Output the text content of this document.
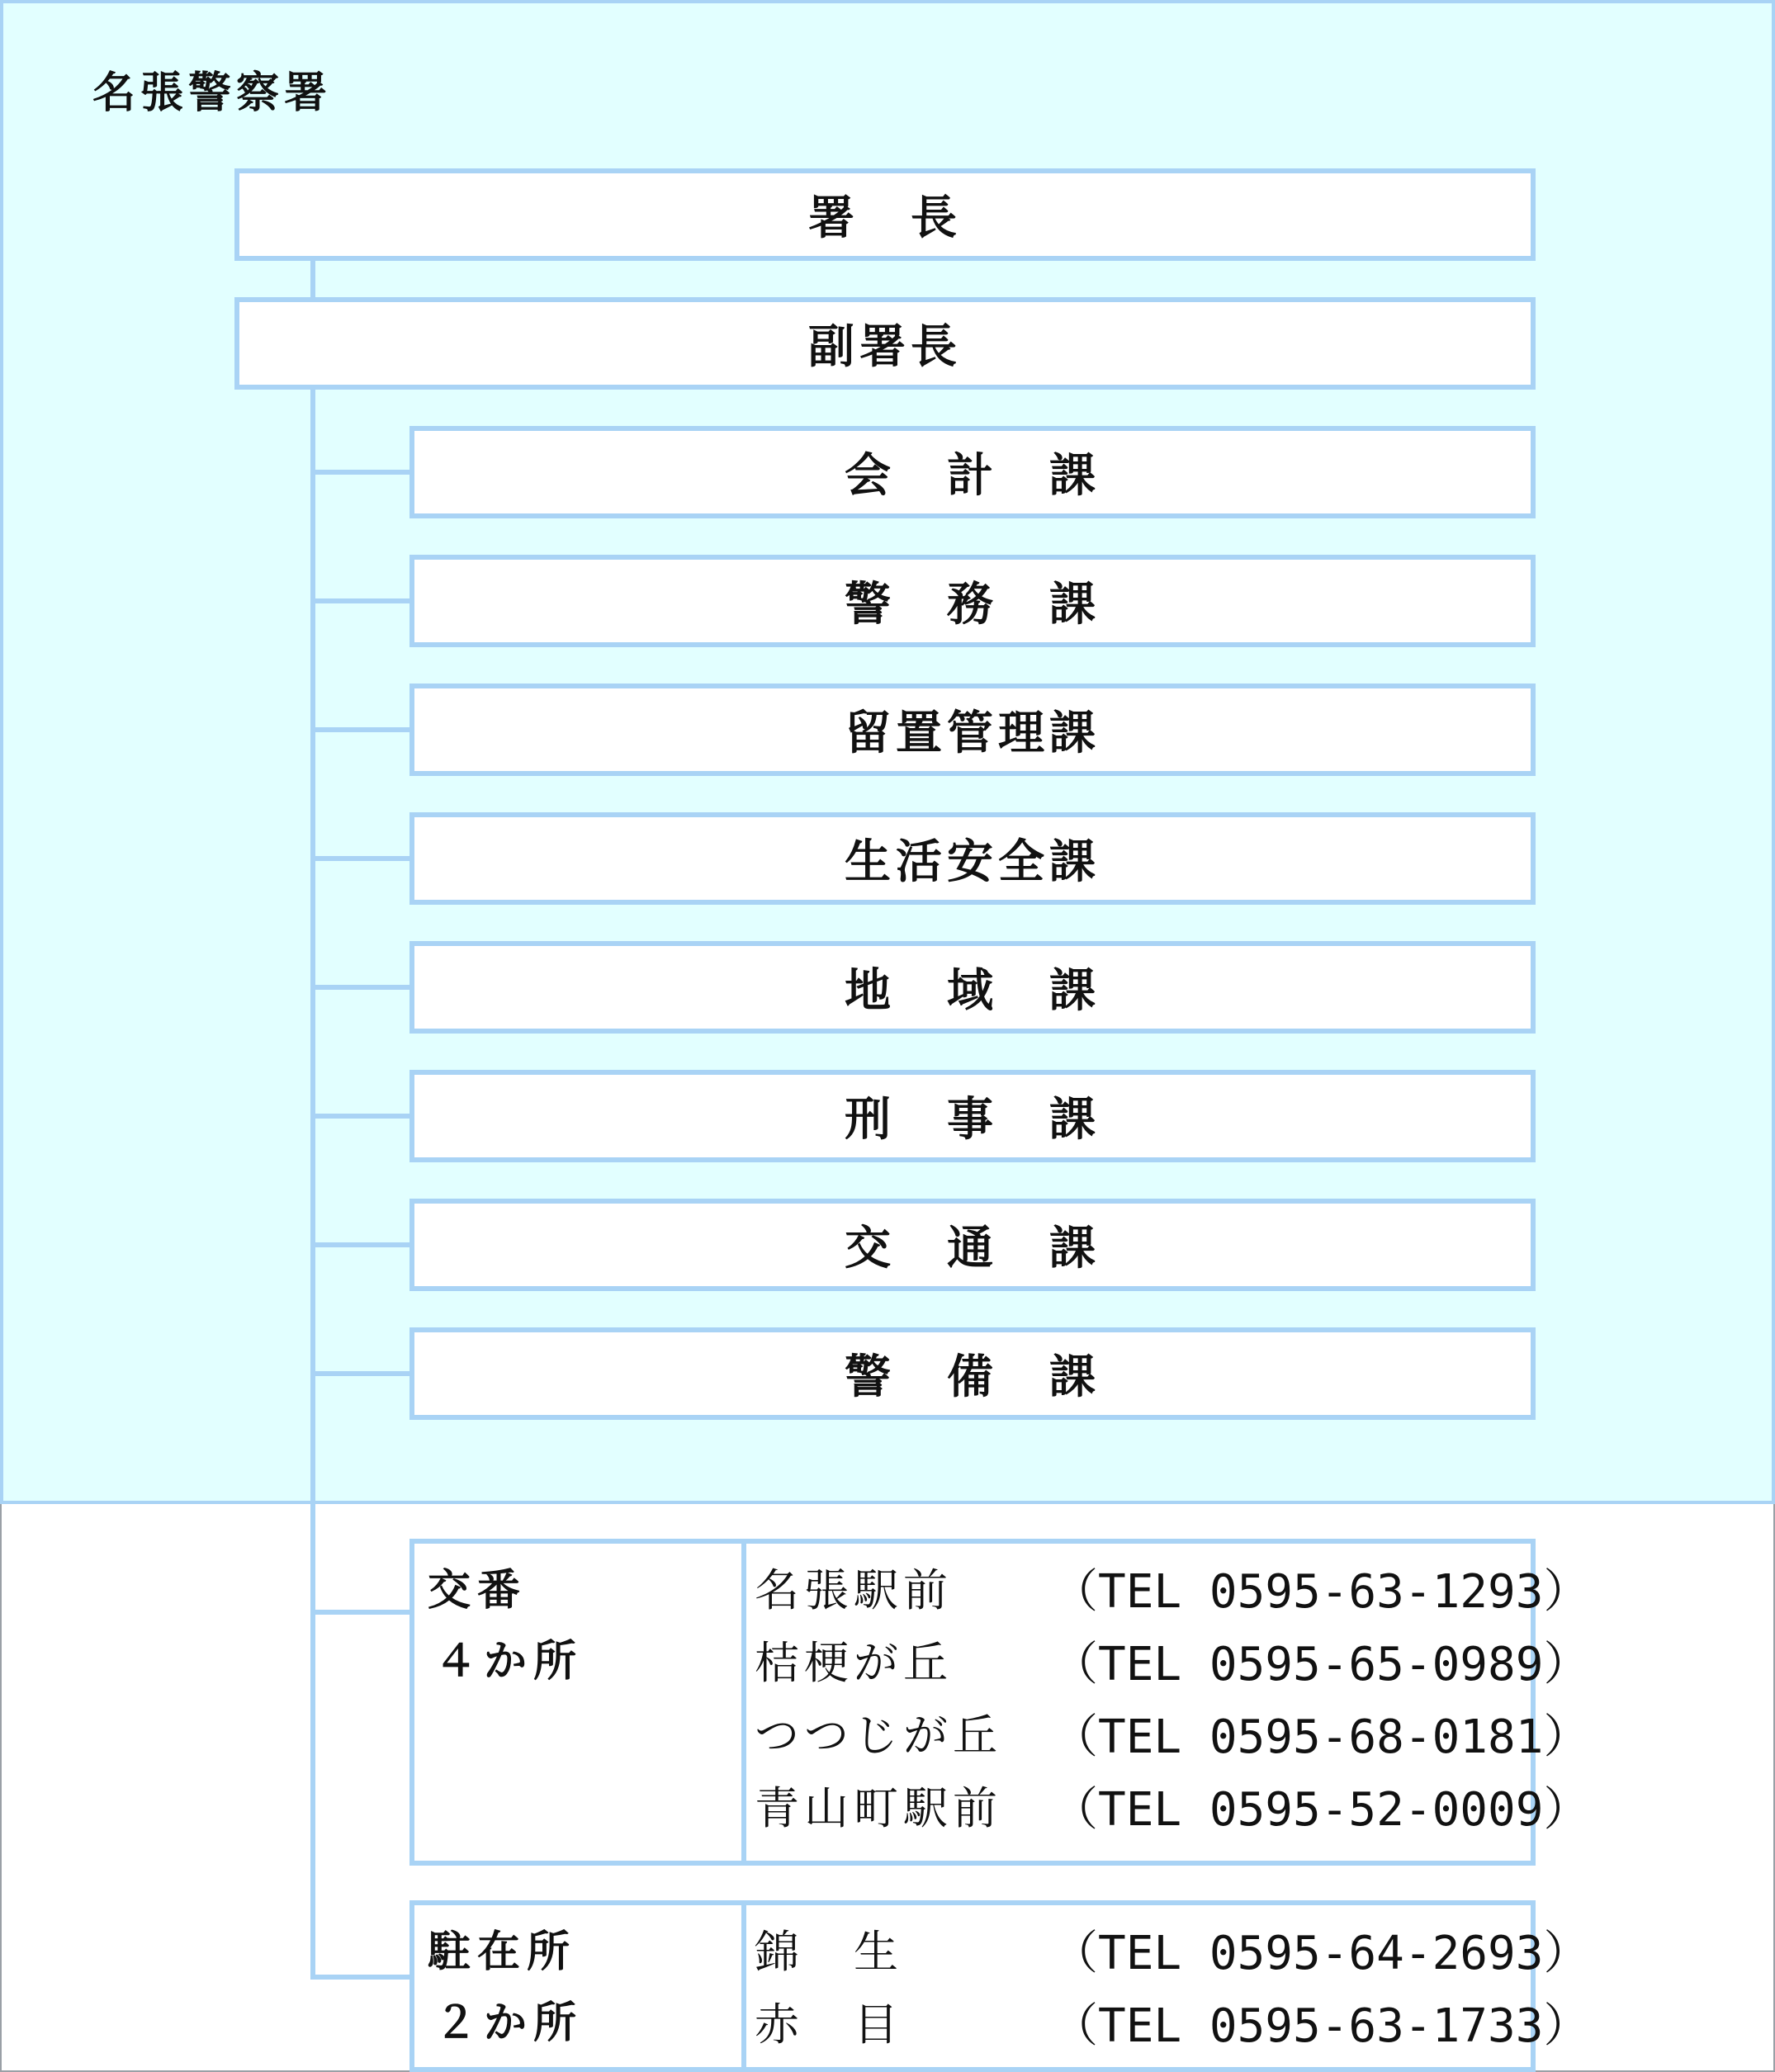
名張警察署
署　長
副署長
会　計　課
警　務　課
留置管理課
生活安全課
地　域　課
刑　事　課
交　通　課
警　備　課
交番
４か所
名張駅前 （TEL 0595-63-1293）
桔梗が丘 （TEL 0595-65-0989）
つつじが丘 （TEL 0595-68-0181）
青山町駅前 （TEL 0595-52-0009）
駐在所
２か所
錦　生	（TEL 0595-64-2693）
赤　目	（TEL 0595-63-1733）
